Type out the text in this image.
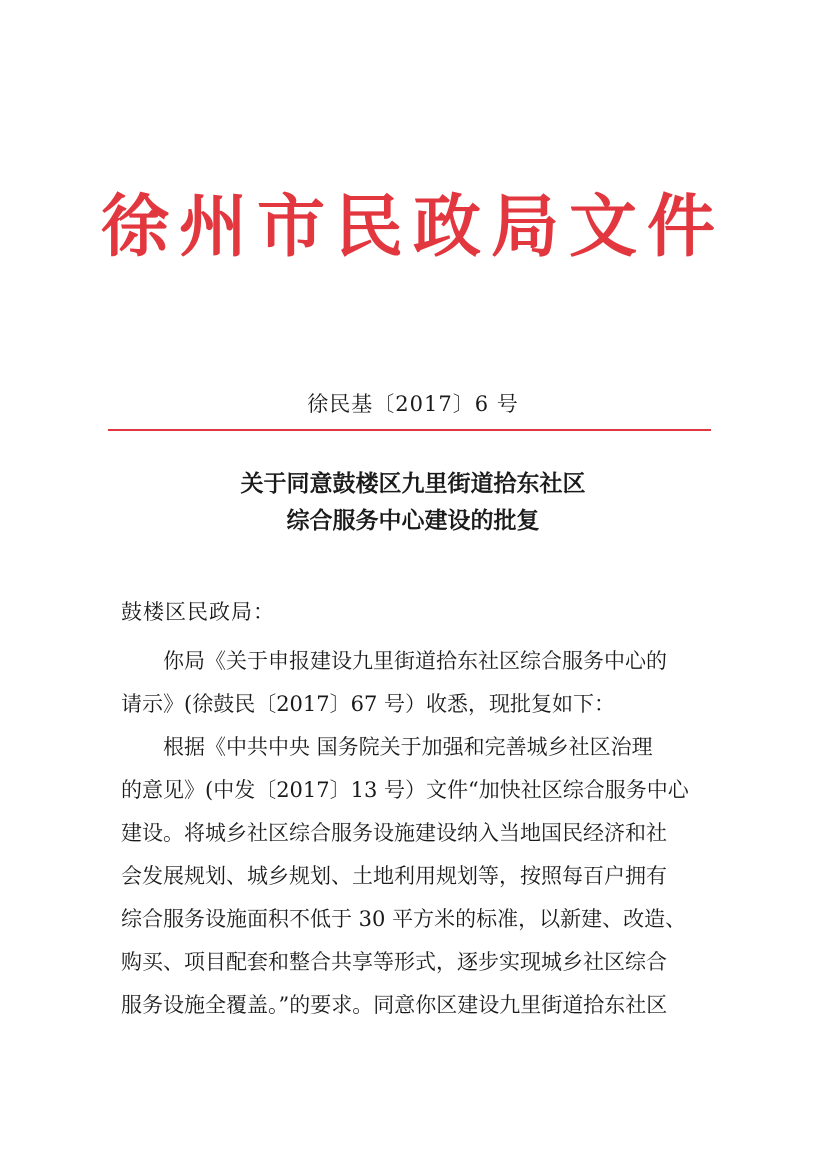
徐州市民政局文件
徐民基〔2017〕6 号
关于同意鼓楼区九里街道拾东社区
综合服务中心建设的批复
鼓楼区民政局：

你局《关于申报建设九里街道拾东社区综合服务中心的
请示》(徐鼓民〔2017〕67 号）收悉，现批复如下：

根据《中共中央 国务院关于加强和完善城乡社区治理
的意见》(中发〔2017〕13 号）文件“加快社区综合服务中心
建设。将城乡社区综合服务设施建设纳入当地国民经济和社
会发展规划、城乡规划、土地利用规划等，按照每百户拥有
综合服务设施面积不低于 30 平方米的标准，以新建、改造、
购买、项目配套和整合共享等形式，逐步实现城乡社区综合
服务设施全覆盖。”的要求。同意你区建设九里街道拾东社区
